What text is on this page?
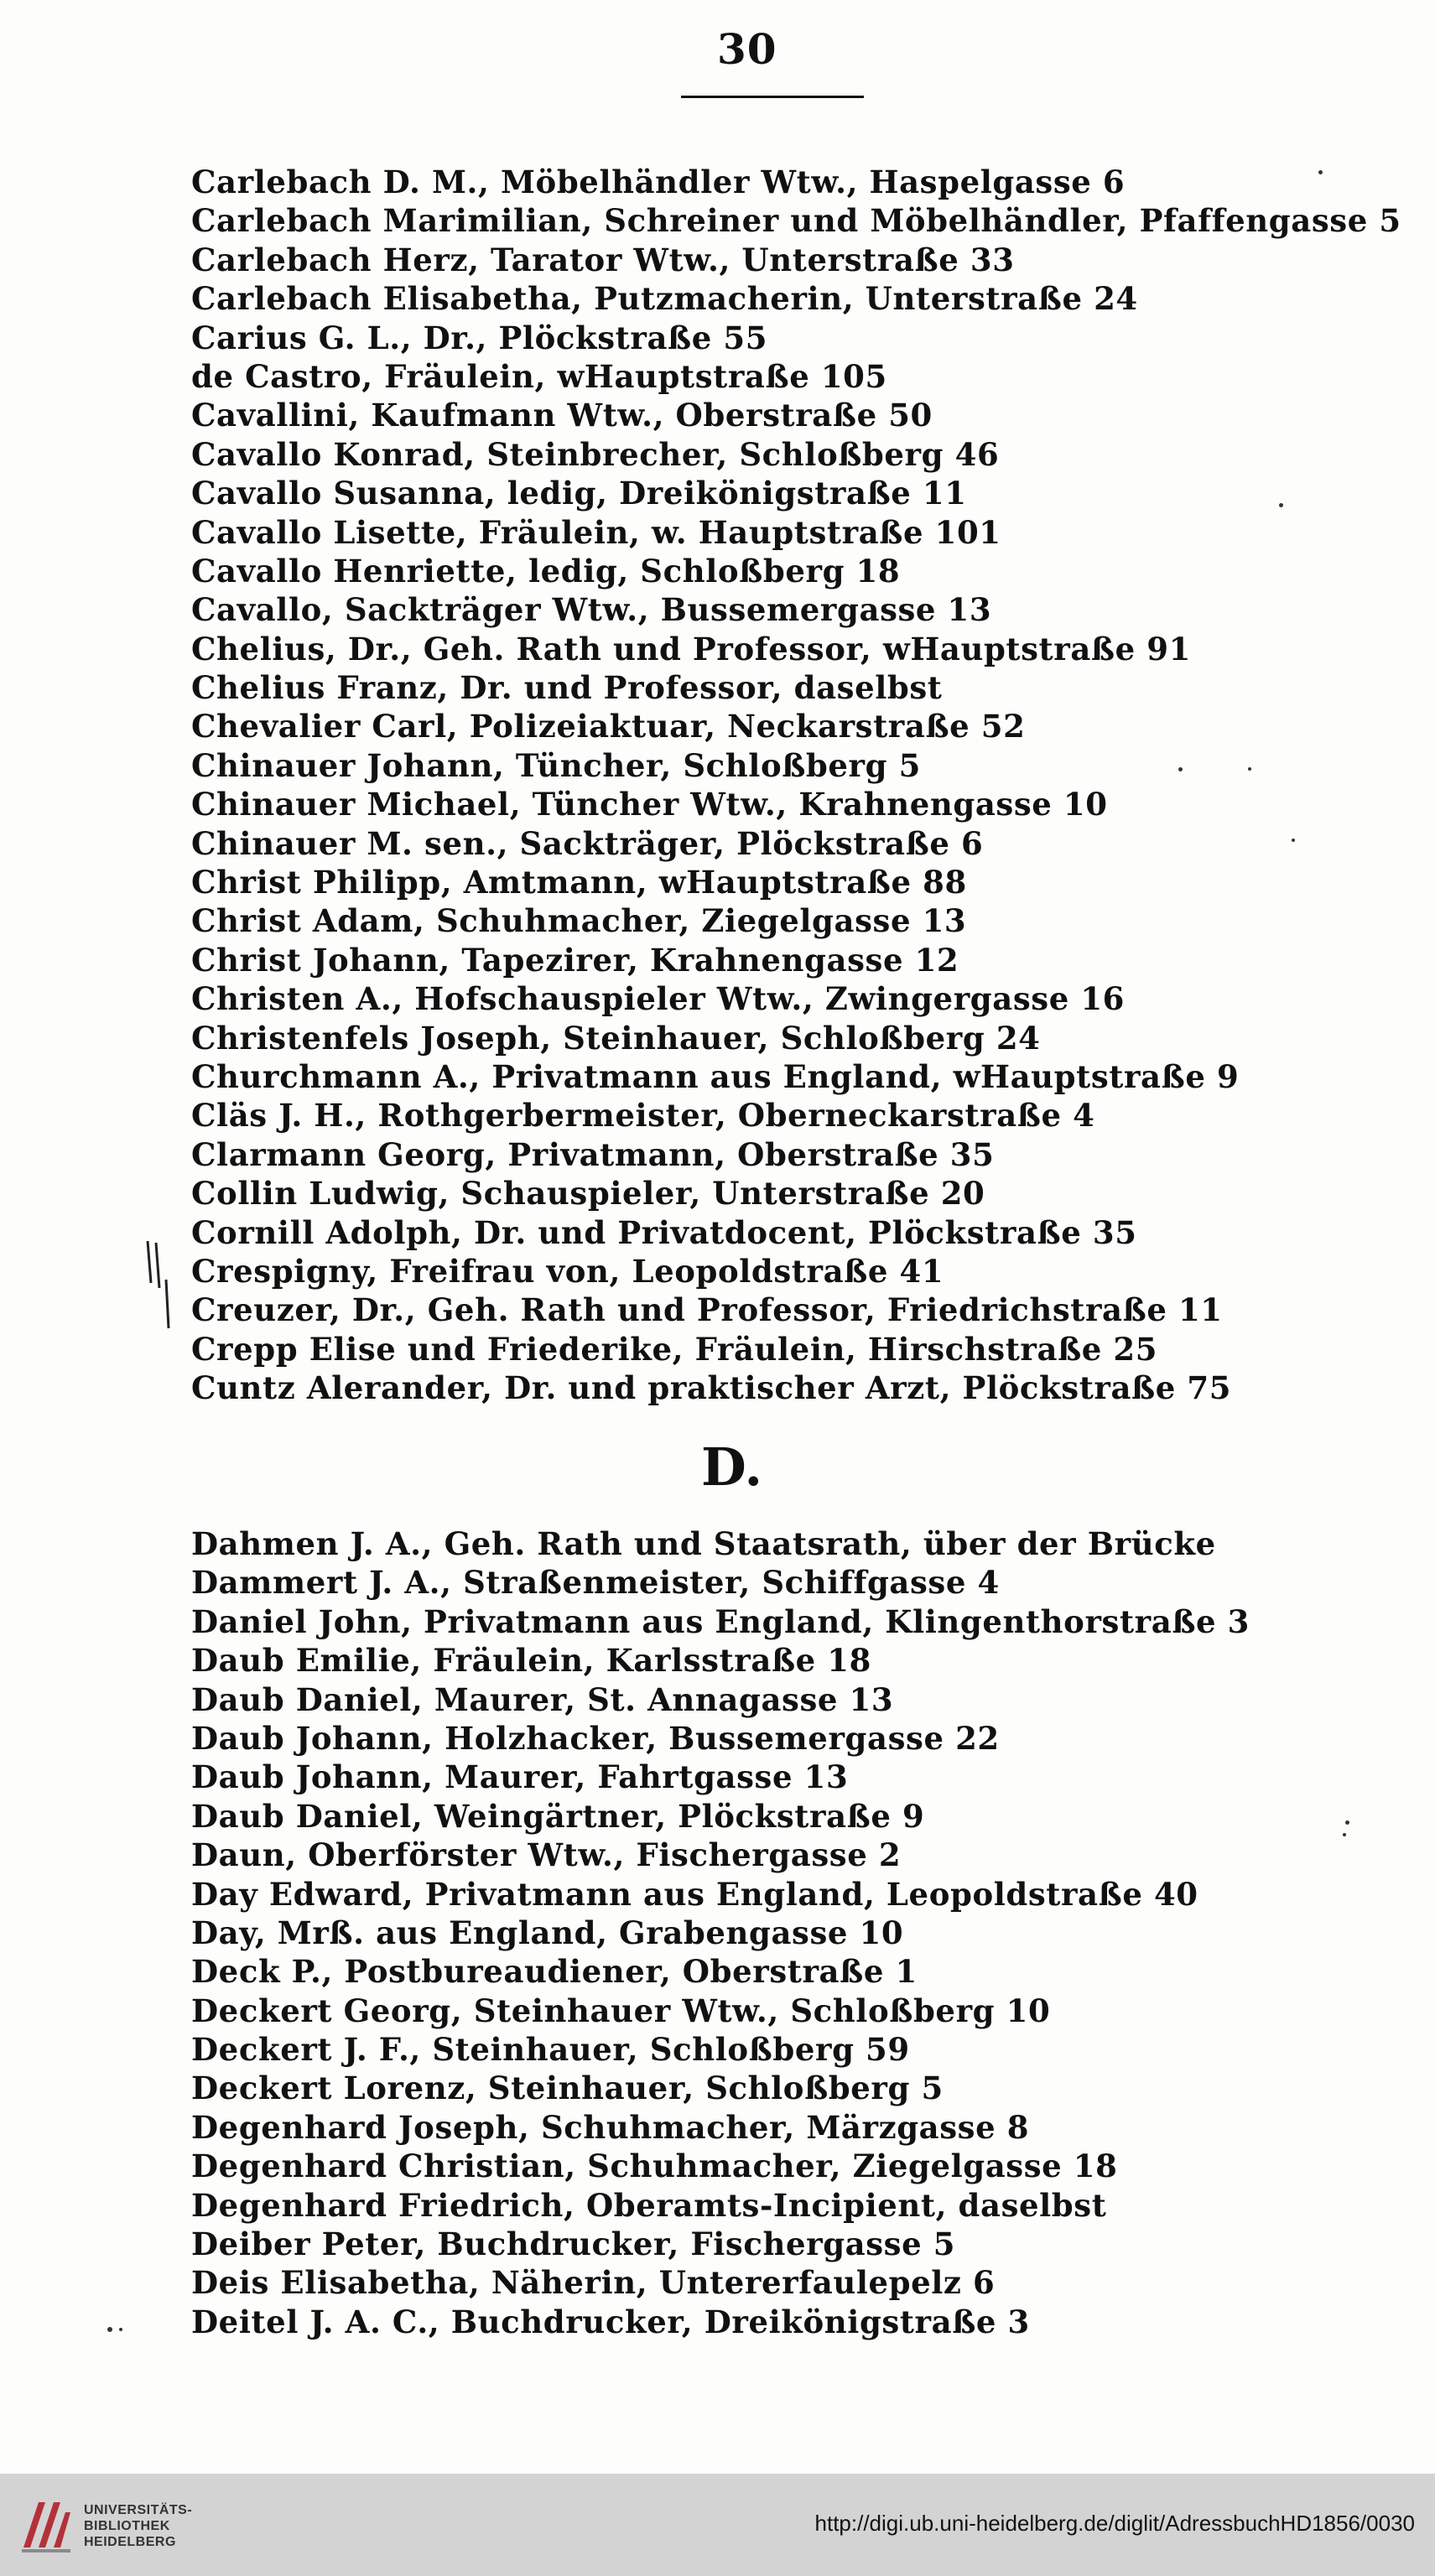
30
Carlebach D. M., Möbelhändler Wtw., Haspelgasse 6
Carlebach Marimilian, Schreiner und Möbelhändler, Pfaffengasse 5
Carlebach Herz, Tarator Wtw., Unterstraße 33
Carlebach Elisabetha, Putzmacherin, Unterstraße 24
Carius G. L., Dr., Plöckstraße 55
de Castro, Fräulein, wHauptstraße 105
Cavallini, Kaufmann Wtw., Oberstraße 50
Cavallo Konrad, Steinbrecher, Schloßberg 46
Cavallo Susanna, ledig, Dreikönigstraße 11
Cavallo Lisette, Fräulein, w. Hauptstraße 101
Cavallo Henriette, ledig, Schloßberg 18
Cavallo, Sackträger Wtw., Bussemergasse 13
Chelius, Dr., Geh. Rath und Professor, wHauptstraße 91
Chelius Franz, Dr. und Professor, daselbst
Chevalier Carl, Polizeiaktuar, Neckarstraße 52
Chinauer Johann, Tüncher, Schloßberg 5
Chinauer Michael, Tüncher Wtw., Krahnengasse 10
Chinauer M. sen., Sackträger, Plöckstraße 6
Christ Philipp, Amtmann, wHauptstraße 88
Christ Adam, Schuhmacher, Ziegelgasse 13
Christ Johann, Tapezirer, Krahnengasse 12
Christen A., Hofschauspieler Wtw., Zwingergasse 16
Christenfels Joseph, Steinhauer, Schloßberg 24
Churchmann A., Privatmann aus England, wHauptstraße 9
Cläs J. H., Rothgerbermeister, Oberneckarstraße 4
Clarmann Georg, Privatmann, Oberstraße 35
Collin Ludwig, Schauspieler, Unterstraße 20
Cornill Adolph, Dr. und Privatdocent, Plöckstraße 35
Crespigny, Freifrau von, Leopoldstraße 41
Creuzer, Dr., Geh. Rath und Professor, Friedrichstraße 11
Crepp Elise und Friederike, Fräulein, Hirschstraße 25
Cuntz Alerander, Dr. und praktischer Arzt, Plöckstraße 75
D.
Dahmen J. A., Geh. Rath und Staatsrath, über der Brücke
Dammert J. A., Straßenmeister, Schiffgasse 4
Daniel John, Privatmann aus England, Klingenthorstraße 3
Daub Emilie, Fräulein, Karlsstraße 18
Daub Daniel, Maurer, St. Annagasse 13
Daub Johann, Holzhacker, Bussemergasse 22
Daub Johann, Maurer, Fahrtgasse 13
Daub Daniel, Weingärtner, Plöckstraße 9
Daun, Oberförster Wtw., Fischergasse 2
Day Edward, Privatmann aus England, Leopoldstraße 40
Day, Mrß. aus England, Grabengasse 10
Deck P., Postbureaudiener, Oberstraße 1
Deckert Georg, Steinhauer Wtw., Schloßberg 10
Deckert J. F., Steinhauer, Schloßberg 59
Deckert Lorenz, Steinhauer, Schloßberg 5
Degenhard Joseph, Schuhmacher, Märzgasse 8
Degenhard Christian, Schuhmacher, Ziegelgasse 18
Degenhard Friedrich, Oberamts-Incipient, daselbst
Deiber Peter, Buchdrucker, Fischergasse 5
Deis Elisabetha, Näherin, Untererfaulepelz 6
Deitel J. A. C., Buchdrucker, Dreikönigstraße 3
UNIVERSITÄTS-
BIBLIOTHEK
HEIDELBERG
http://digi.ub.uni-heidelberg.de/diglit/AdressbuchHD1856/0030
